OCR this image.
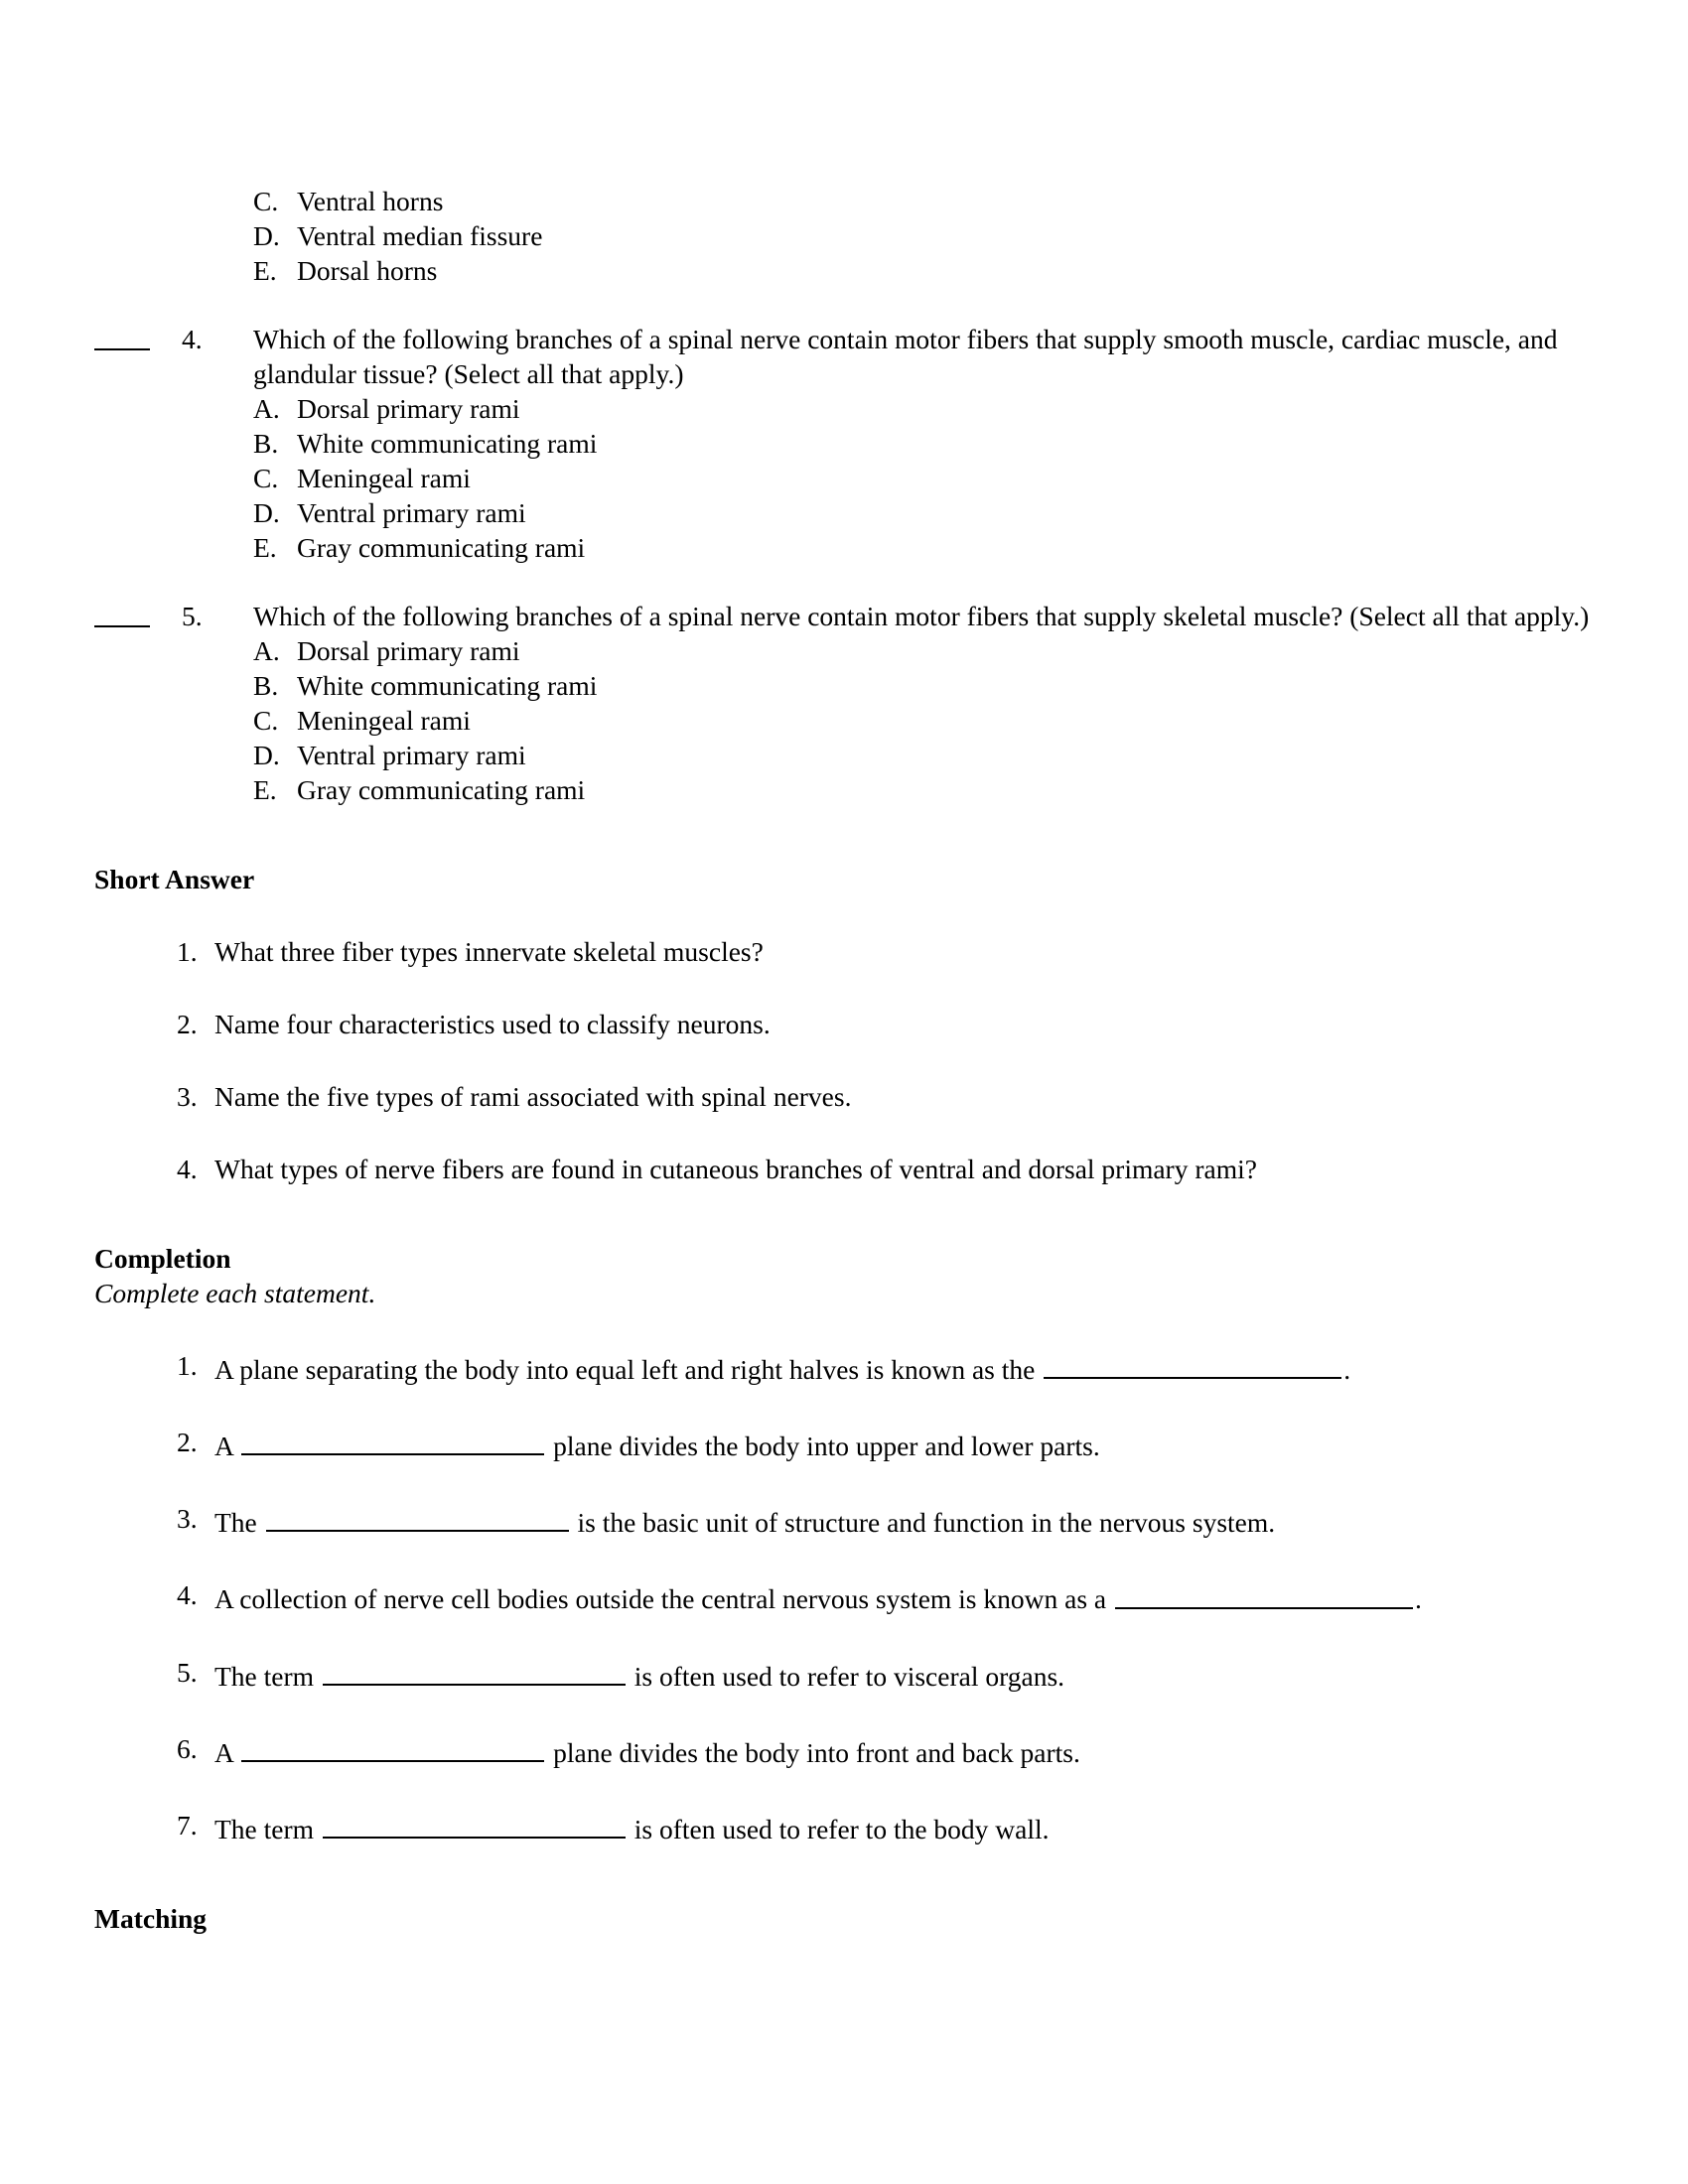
C. Ventral horns
D. Ventral median fissure
E. Dorsal horns
4.	Which of the following branches of a spinal nerve contain motor fibers that supply smooth muscle, cardiac muscle, and glandular tissue? (Select all that apply.)
A. Dorsal primary rami
B. White communicating rami
C. Meningeal rami
D. Ventral primary rami
E. Gray communicating rami
5.	Which of the following branches of a spinal nerve contain motor fibers that supply skeletal muscle? (Select all that apply.)
A. Dorsal primary rami
B. White communicating rami
C. Meningeal rami
D. Ventral primary rami
E. Gray communicating rami
Short Answer
1. What three fiber types innervate skeletal muscles?
2. Name four characteristics used to classify neurons.
3. Name the five types of rami associated with spinal nerves.
4. What types of nerve fibers are found in cutaneous branches of ventral and dorsal primary rami?
Completion
Complete each statement.
1. A plane separating the body into equal left and right halves is known as the	.
2. A	plane divides the body into upper and lower parts.
3. The	is the basic unit of structure and function in the nervous system.
4. A collection of nerve cell bodies outside the central nervous system is known as a	.
5. The term	is often used to refer to visceral organs.
6. A	plane divides the body into front and back parts.
7. The term	is often used to refer to the body wall.
Matching
